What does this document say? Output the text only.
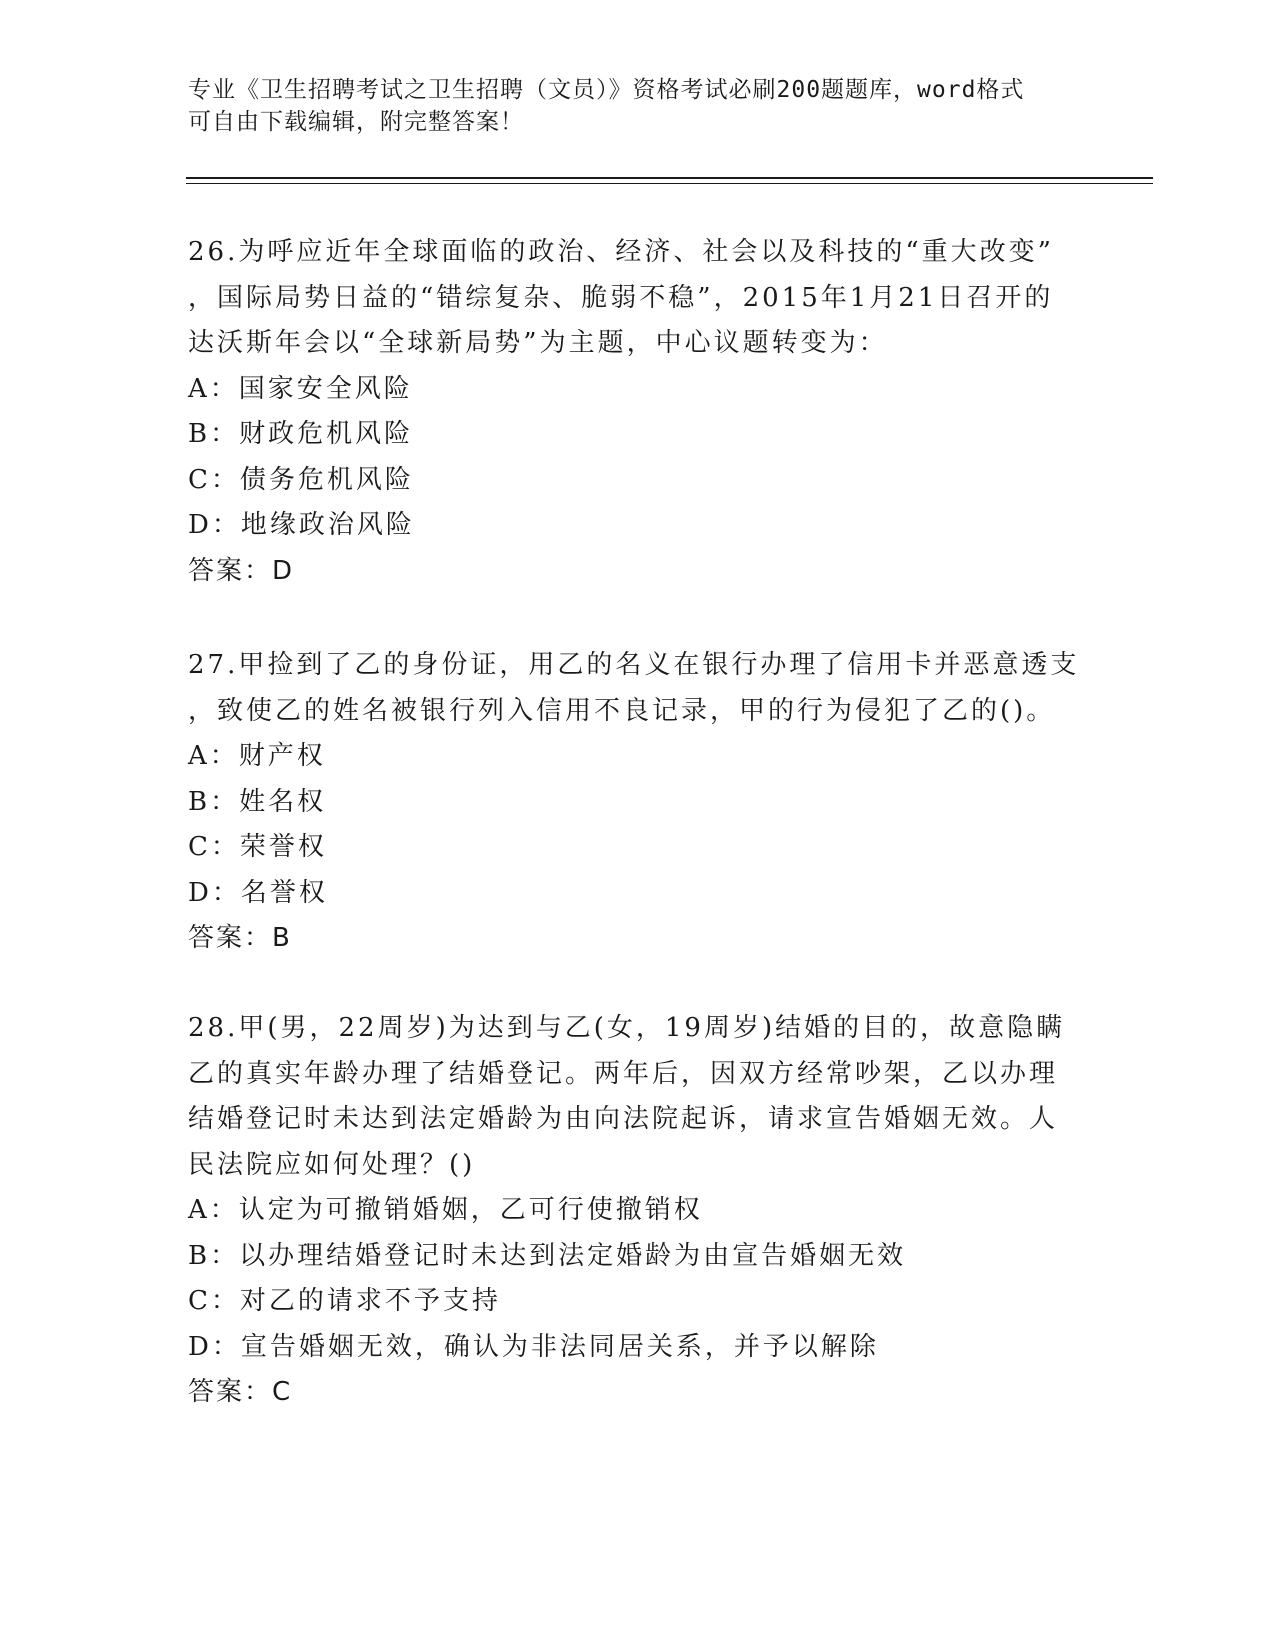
专业《卫生招聘考试之卫生招聘（文员）》资格考试必刷200题题库，word格式
可自由下载编辑，附完整答案！
26.为呼应近年全球面临的政治、经济、社会以及科技的“重大改变”
，国际局势日益的“错综复杂、脆弱不稳”，2015年1月21日召开的
达沃斯年会以“全球新局势”为主题，中心议题转变为：
A：国家安全风险
B：财政危机风险
C：债务危机风险
D：地缘政治风险
答案：D
27.甲捡到了乙的身份证，用乙的名义在银行办理了信用卡并恶意透支
，致使乙的姓名被银行列入信用不良记录，甲的行为侵犯了乙的()。
A：财产权
B：姓名权
C：荣誉权
D：名誉权
答案：B
28.甲(男，22周岁)为达到与乙(女，19周岁)结婚的目的，故意隐瞒
乙的真实年龄办理了结婚登记。两年后，因双方经常吵架，乙以办理
结婚登记时未达到法定婚龄为由向法院起诉，请求宣告婚姻无效。人
民法院应如何处理？()
A：认定为可撤销婚姻，乙可行使撤销权
B：以办理结婚登记时未达到法定婚龄为由宣告婚姻无效
C：对乙的请求不予支持
D：宣告婚姻无效，确认为非法同居关系，并予以解除
答案：C
